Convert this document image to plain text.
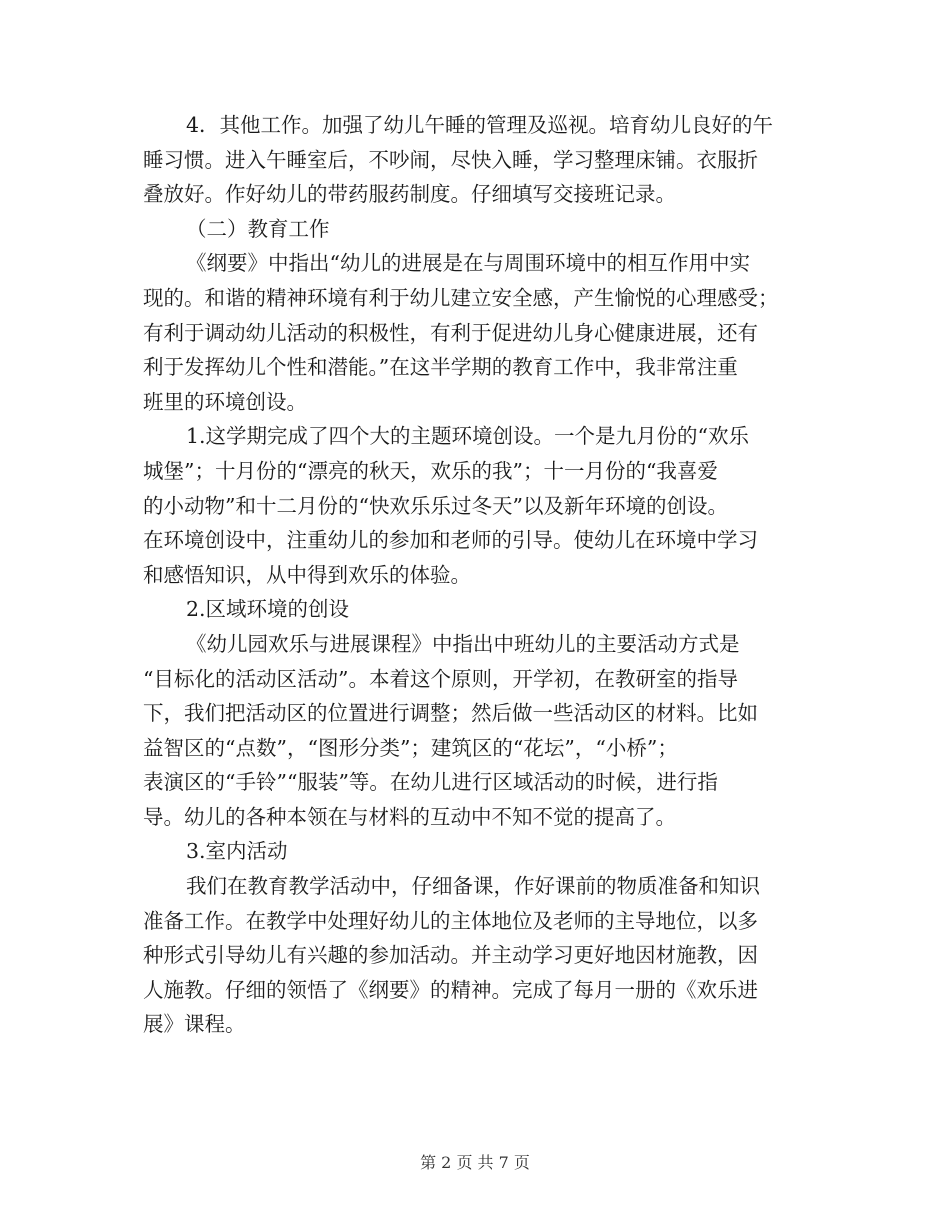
4．其他工作。加强了幼儿午睡的管理及巡视。培育幼儿良好的午
睡习惯。进入午睡室后，不吵闹，尽快入睡，学习整理床铺。衣服折
叠放好。作好幼儿的带药服药制度。仔细填写交接班记录。
（二）教育工作
《纲要》中指出“幼儿的进展是在与周围环境中的相互作用中实
现的。和谐的精神环境有利于幼儿建立安全感，产生愉悦的心理感受；
有利于调动幼儿活动的积极性，有利于促进幼儿身心健康进展，还有
利于发挥幼儿个性和潜能。”在这半学期的教育工作中，我非常注重
班里的环境创设。
1.这学期完成了四个大的主题环境创设。一个是九月份的“欢乐
城堡”；十月份的“漂亮的秋天，欢乐的我”；十一月份的“我喜爱
的小动物”和十二月份的“快欢乐乐过冬天”以及新年环境的创设。
在环境创设中，注重幼儿的参加和老师的引导。使幼儿在环境中学习
和感悟知识，从中得到欢乐的体验。
2.区域环境的创设
《幼儿园欢乐与进展课程》中指出中班幼儿的主要活动方式是
“目标化的活动区活动”。本着这个原则，开学初，在教研室的指导
下，我们把活动区的位置进行调整；然后做一些活动区的材料。比如
益智区的“点数”，“图形分类”；建筑区的“花坛”，“小桥”；
表演区的“手铃”“服装”等。在幼儿进行区域活动的时候，进行指
导。幼儿的各种本领在与材料的互动中不知不觉的提高了。
3.室内活动
我们在教育教学活动中，仔细备课，作好课前的物质准备和知识
准备工作。在教学中处理好幼儿的主体地位及老师的主导地位，以多
种形式引导幼儿有兴趣的参加活动。并主动学习更好地因材施教，因
人施教。仔细的领悟了《纲要》的精神。完成了每月一册的《欢乐进
展》课程。
第 2 页 共 7 页
